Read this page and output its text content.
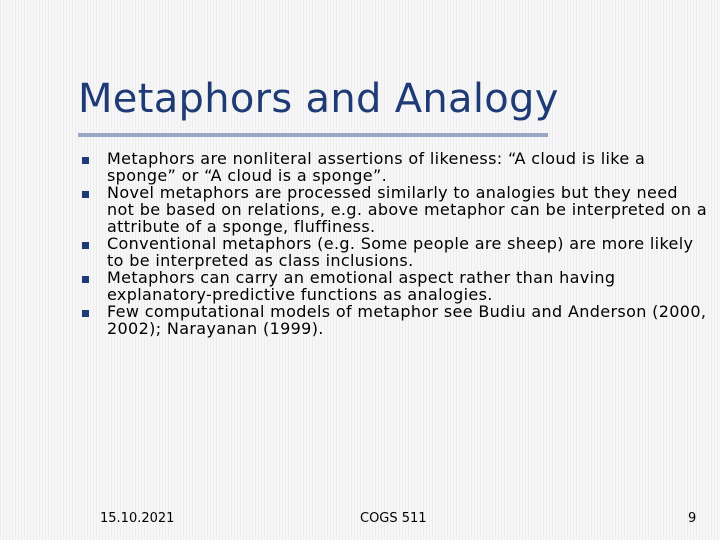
Metaphors and Analogy
Metaphors are nonliteral assertions of likeness: “A cloud is like a sponge” or “A cloud is a sponge”.
Novel metaphors are processed similarly to analogies but they need not be based on relations, e.g. above metaphor can be interpreted on a attribute of a sponge, fluffiness.
Conventional metaphors (e.g. Some people are sheep) are more likely to be interpreted as class inclusions.
Metaphors can carry an emotional aspect rather than having explanatory-predictive functions as analogies.
Few computational models of metaphor see Budiu and Anderson (2000, 2002); Narayanan (1999).
15.10.2021	COGS 511	9
